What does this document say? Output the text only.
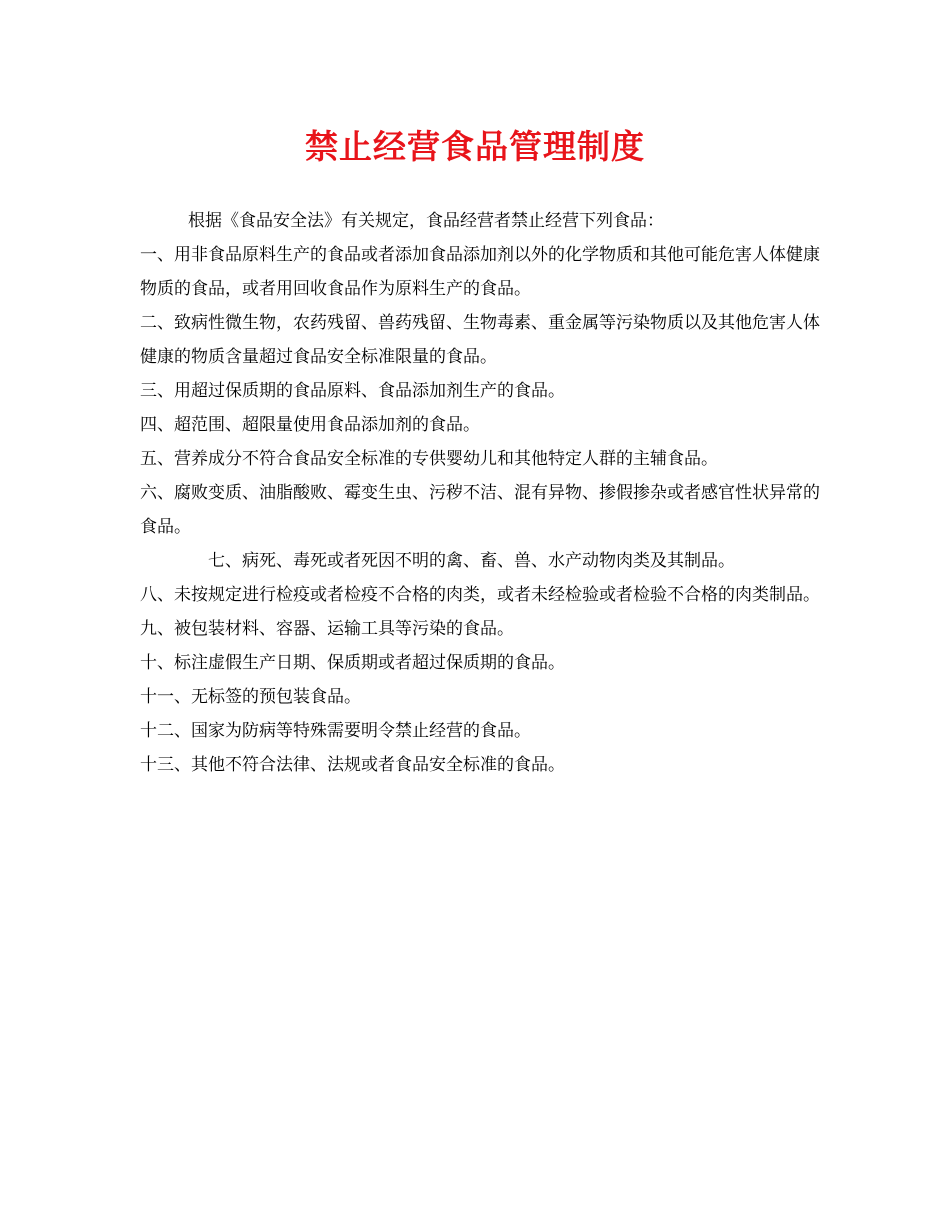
禁止经营食品管理制度

根据《食品安全法》有关规定，食品经营者禁止经营下列食品：

一、用非食品原料生产的食品或者添加食品添加剂以外的化学物质和其他可能危害人体健康物质的食品，或者用回收食品作为原料生产的食品。

二、致病性微生物，农药残留、兽药残留、生物毒素、重金属等污染物质以及其他危害人体健康的物质含量超过食品安全标准限量的食品。

三、用超过保质期的食品原料、食品添加剂生产的食品。

四、超范围、超限量使用食品添加剂的食品。

五、营养成分不符合食品安全标准的专供婴幼儿和其他特定人群的主辅食品。

六、腐败变质、油脂酸败、霉变生虫、污秽不洁、混有异物、掺假掺杂或者感官性状异常的食品。

七、病死、毒死或者死因不明的禽、畜、兽、水产动物肉类及其制品。

八、未按规定进行检疫或者检疫不合格的肉类，或者未经检验或者检验不合格的肉类制品。

九、被包装材料、容器、运输工具等污染的食品。

十、标注虚假生产日期、保质期或者超过保质期的食品。

十一、无标签的预包装食品。

十二、国家为防病等特殊需要明令禁止经营的食品。

十三、其他不符合法律、法规或者食品安全标准的食品。
